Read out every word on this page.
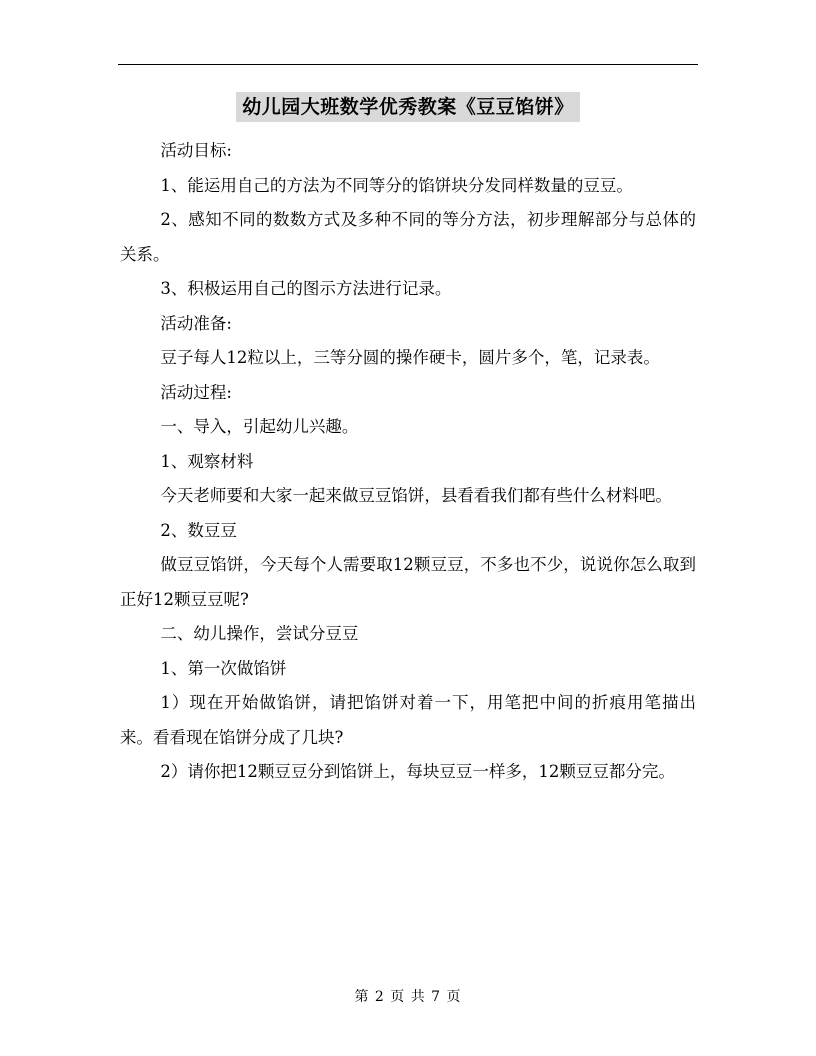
幼儿园大班数学优秀教案《豆豆馅饼》

活动目标:

1、能运用自己的方法为不同等分的馅饼块分发同样数量的豆豆。

2、感知不同的数数方式及多种不同的等分方法，初步理解部分与总体的关系。

3、积极运用自己的图示方法进行记录。

活动准备:

豆子每人12粒以上，三等分圆的操作硬卡，圆片多个，笔，记录表。

活动过程:

一、导入，引起幼儿兴趣。

1、观察材料

今天老师要和大家一起来做豆豆馅饼，县看看我们都有些什么材料吧。

2、数豆豆

做豆豆馅饼，今天每个人需要取12颗豆豆，不多也不少，说说你怎么取到正好12颗豆豆呢?

二、幼儿操作，尝试分豆豆

1、第一次做馅饼

1）现在开始做馅饼，请把馅饼对着一下，用笔把中间的折痕用笔描出来。看看现在馅饼分成了几块?

2）请你把12颗豆豆分到馅饼上，每块豆豆一样多，12颗豆豆都分完。

第 2 页 共 7 页
